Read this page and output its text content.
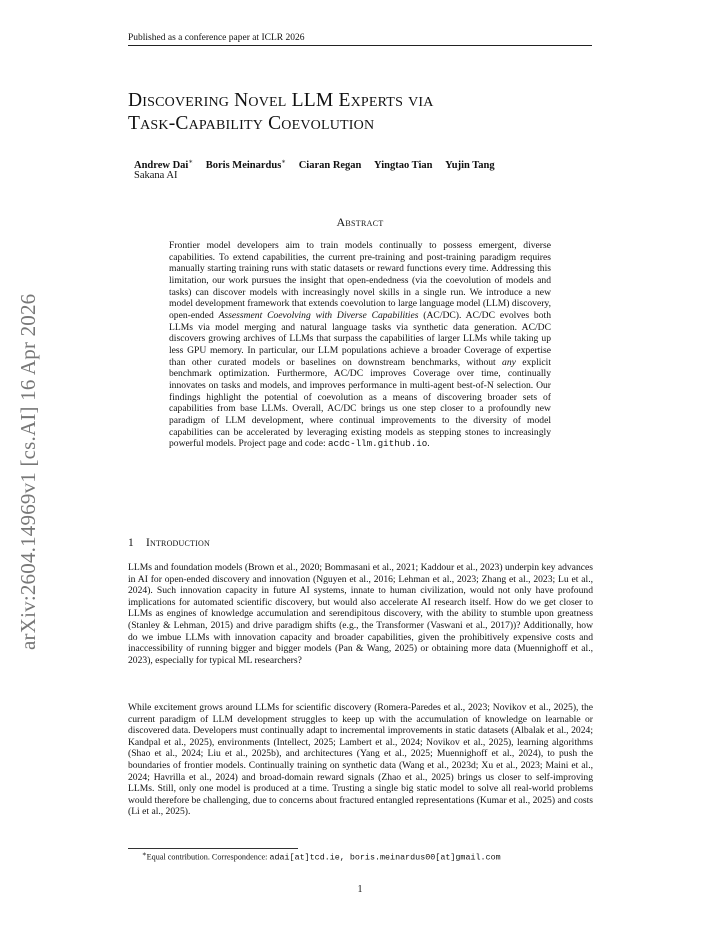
Published as a conference paper at ICLR 2026
arXiv:2604.14969v1 [cs.AI] 16 Apr 2026
Discovering Novel LLM Experts via
Task-Capability Coevolution
Andrew Dai∗ Boris Meinardus∗ Ciaran Regan Yingtao Tian Yujin Tang
Sakana AI
Abstract

Frontier model developers aim to train models continually to possess emergent, diverse capabilities. To extend capabilities, the current pre-training and post-training paradigm requires manually starting training runs with static datasets or reward functions every time. Addressing this limitation, our work pursues the insight that open-endedness (via the coevolution of models and tasks) can discover models with increasingly novel skills in a single run. We introduce a new model development framework that extends coevolution to large language model (LLM) discovery, open-ended Assessment Coevolving with Diverse Capabilities (AC/DC). AC/DC evolves both LLMs via model merging and natural language tasks via synthetic data generation. AC/DC discovers growing archives of LLMs that surpass the capabilities of larger LLMs while taking up less GPU memory. In particular, our LLM populations achieve a broader Coverage of expertise than other curated models or baselines on downstream benchmarks, without any explicit benchmark optimization. Furthermore, AC/DC improves Coverage over time, continually innovates on tasks and models, and improves performance in multi-agent best-of-N selection. Our findings highlight the potential of coevolution as a means of discovering broader sets of capabilities from base LLMs. Overall, AC/DC brings us one step closer to a profoundly new paradigm of LLM development, where continual improvements to the diversity of model capabilities can be accelerated by leveraging existing models as stepping stones to increasingly powerful models. Project page and code: acdc-llm.github.io.

1 Introduction

LLMs and foundation models (Brown et al., 2020; Bommasani et al., 2021; Kaddour et al., 2023) underpin key advances in AI for open-ended discovery and innovation (Nguyen et al., 2016; Lehman et al., 2023; Zhang et al., 2023; Lu et al., 2024). Such innovation capacity in future AI systems, innate to human civilization, would not only have profound implications for automated scientific discovery, but would also accelerate AI research itself. How do we get closer to LLMs as engines of knowledge accumulation and serendipitous discovery, with the ability to stumble upon greatness (Stanley & Lehman, 2015) and drive paradigm shifts (e.g., the Transformer (Vaswani et al., 2017))? Additionally, how do we imbue LLMs with innovation capacity and broader capabilities, given the prohibitively expensive costs and inaccessibility of running bigger and bigger models (Pan & Wang, 2025) or obtaining more data (Muennighoff et al., 2023), especially for typical ML researchers?

While excitement grows around LLMs for scientific discovery (Romera-Paredes et al., 2023; Novikov et al., 2025), the current paradigm of LLM development struggles to keep up with the accumulation of knowledge on learnable or discovered data. Developers must continually adapt to incremental improvements in static datasets (Albalak et al., 2024; Kandpal et al., 2025), environments (Intellect, 2025; Lambert et al., 2024; Novikov et al., 2025), learning algorithms (Shao et al., 2024; Liu et al., 2025b), and architectures (Yang et al., 2025; Muennighoff et al., 2024), to push the boundaries of frontier models. Continually training on synthetic data (Wang et al., 2023d; Xu et al., 2023; Maini et al., 2024; Havrilla et al., 2024) and broad-domain reward signals (Zhao et al., 2025) brings us closer to self-improving LLMs. Still, only one model is produced at a time. Trusting a single big static model to solve all real-world problems would therefore be challenging, due to concerns about fractured entangled representations (Kumar et al., 2025) and costs (Li et al., 2025).

∗Equal contribution. Correspondence: adai[at]tcd.ie, boris.meinardus00[at]gmail.com
1
